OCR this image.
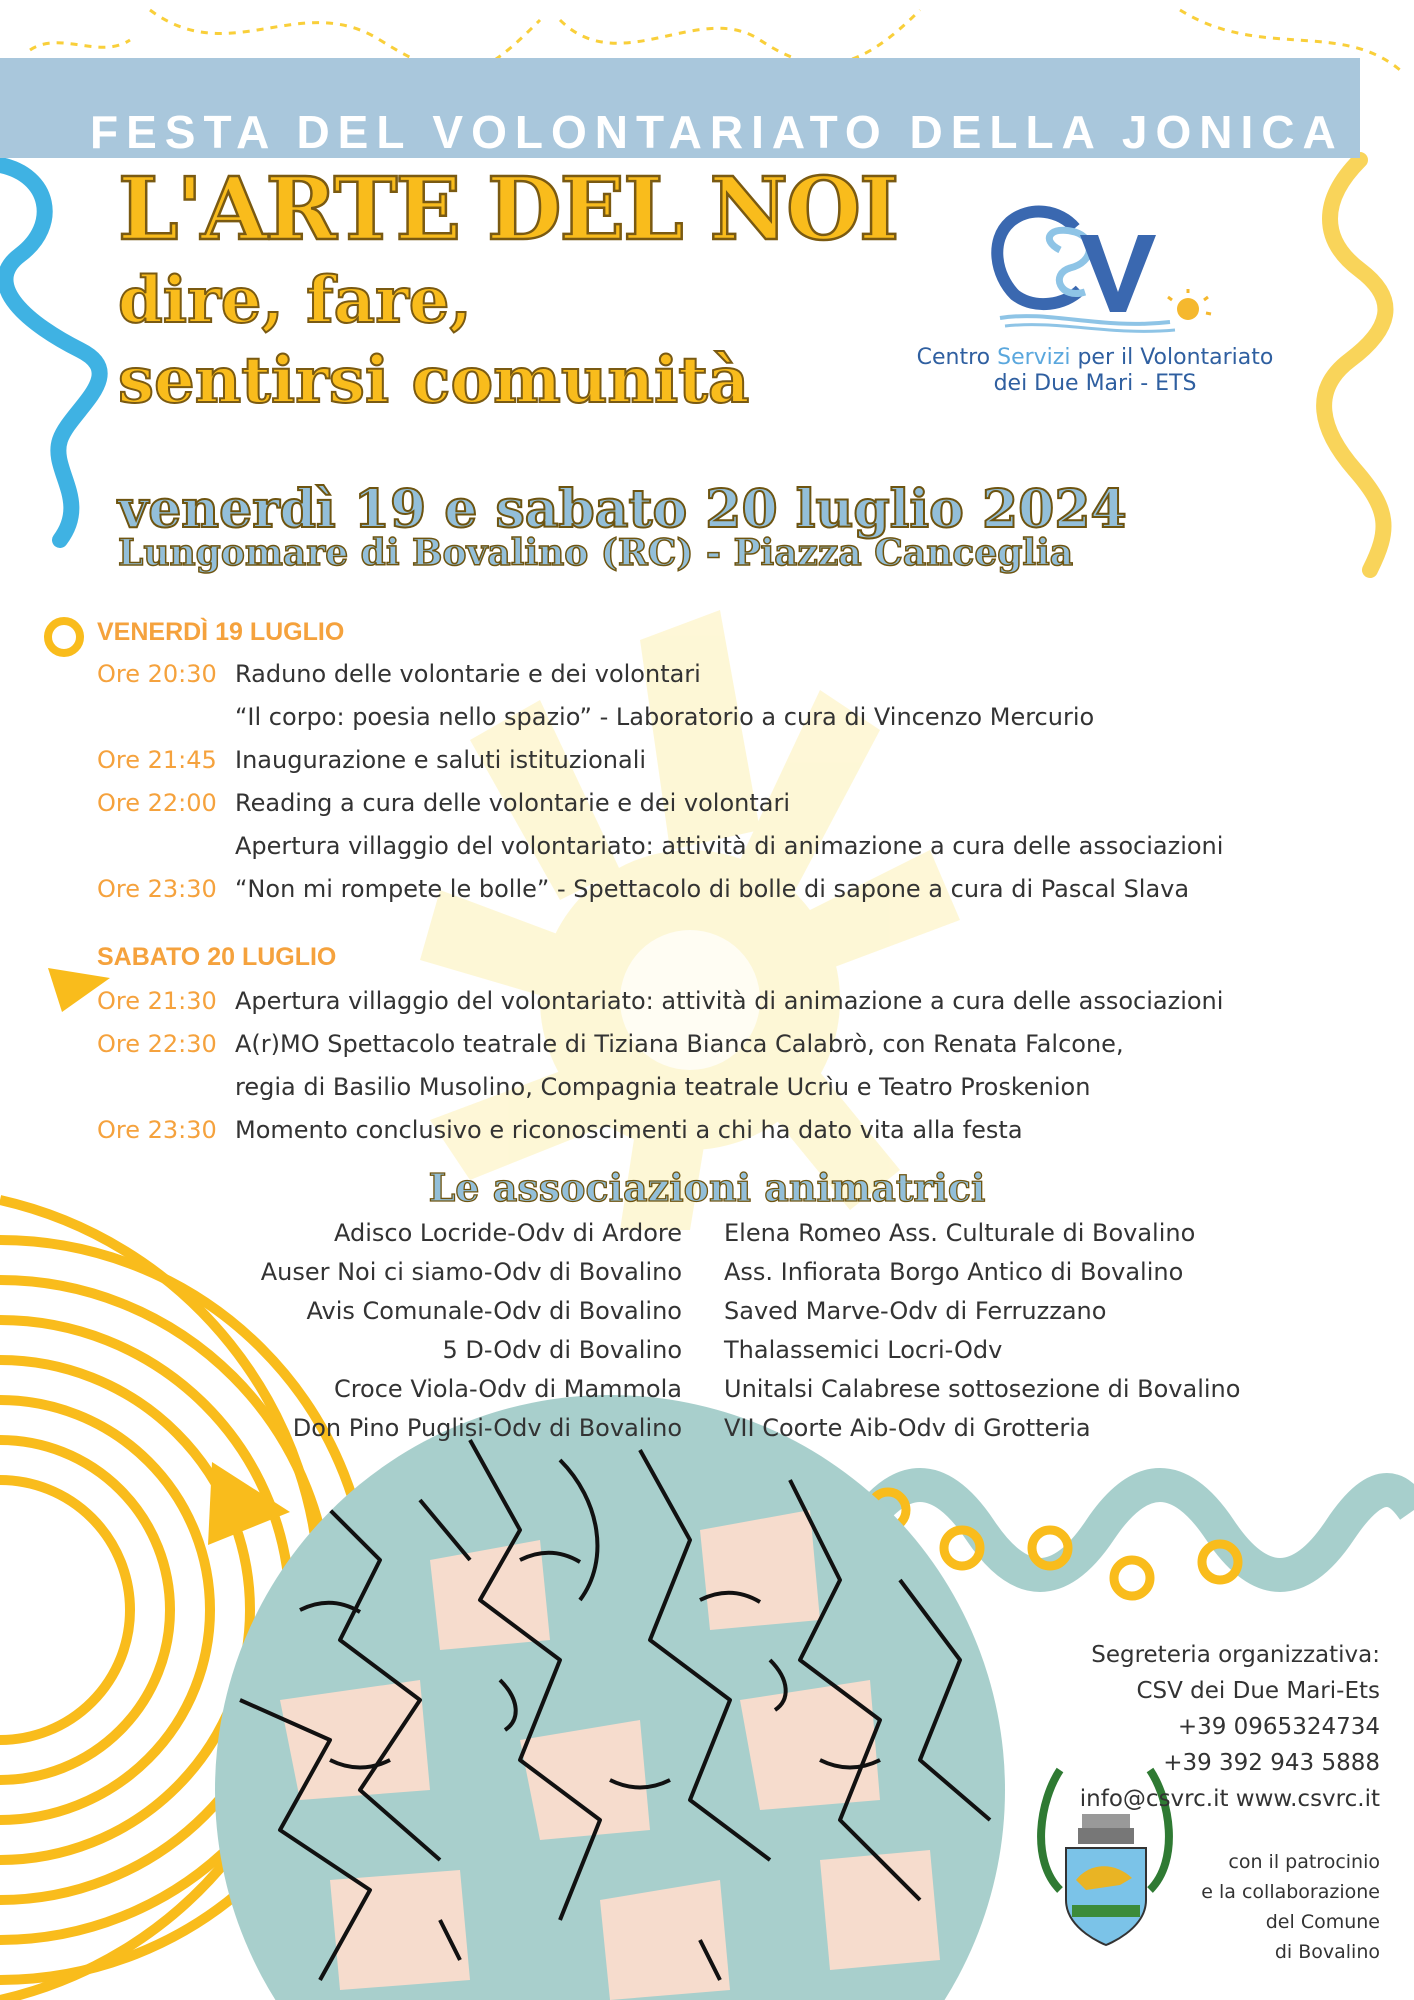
FESTA DEL VOLONTARIATO DELLA JONICA
L'ARTE DEL NOI
dire, fare,
sentirsi comunità	Centro Servizi per il Volontariato
dei Due Mari - ETS
venerdì 19 e sabato 20 luglio 2024
Lungomare di Bovalino (RC) - Piazza Canceglia
VENERDÌ 19 LUGLIO
Ore 20:30 Raduno delle volontarie e dei volontari
“Il corpo: poesia nello spazio” - Laboratorio a cura di Vincenzo Mercurio
Ore 21:45 Inaugurazione e saluti istituzionali
Ore 22:00 Reading a cura delle volontarie e dei volontari
Apertura villaggio del volontariato: attività di animazione a cura delle associazioni
Ore 23:30 “Non mi rompete le bolle” - Spettacolo di bolle di sapone a cura di Pascal Slava
SABATO 20 LUGLIO
Ore 21:30 Apertura villaggio del volontariato: attività di animazione a cura delle associazioni
Ore 22:30 A(r)MO Spettacolo teatrale di Tiziana Bianca Calabrò, con Renata Falcone,
regia di Basilio Musolino, Compagnia teatrale Ucrìu e Teatro Proskenion
Ore 23:30 Momento conclusivo e riconoscimenti a chi ha dato vita alla festa
Le associazioni animatrici
Adisco Locride-Odv di Ardore
Auser Noi ci siamo-Odv di Bovalino
Avis Comunale-Odv di Bovalino
5 D-Odv di Bovalino
Croce Viola-Odv di Mammola
Don Pino Puglisi-Odv di Bovalino
Elena Romeo Ass. Culturale di Bovalino
Ass. Infiorata Borgo Antico di Bovalino
Saved Marve-Odv di Ferruzzano
Thalassemici Locri-Odv
Unitalsi Calabrese sottosezione di Bovalino
VII Coorte Aib-Odv di Grotteria
Segreteria organizzativa:
CSV dei Due Mari-Ets
+39 0965324734
+39 392 943 5888
info@csvrc.it www.csvrc.it
con il patrocinio
e la collaborazione
del Comune
di Bovalino
